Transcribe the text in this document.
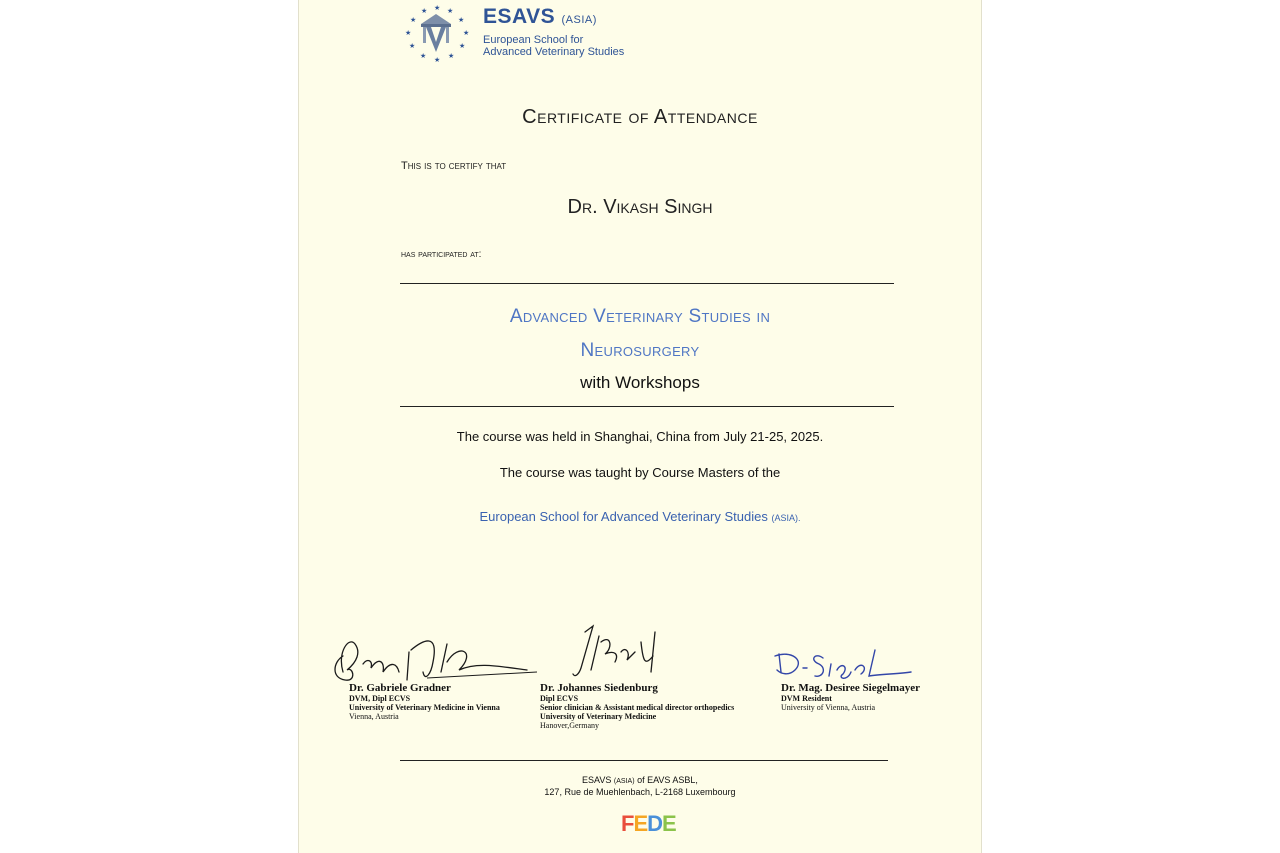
★
★	★
★	★
★	★
★	★
★	★
★
ESAVS (ASIA)
European School for
Advanced Veterinary Studies
Certificate of Attendance
This is to certify that
Dr. Vikash Singh
has participated at:
Advanced Veterinary Studies in
Neurosurgery
with Workshops
The course was held in Shanghai, China from July 21-25, 2025.
The course was taught by Course Masters of the
European School for Advanced Veterinary Studies (ASIA).
Dr. Gabriele Gradner
DVM, Dipl ECVS
University of Veterinary Medicine in Vienna
Vienna, Austria
Dr. Johannes Siedenburg
Dipl ECVS
Senior clinician & Assistant medical director orthopedics
University of Veterinary Medicine
Hanover,Germany
Dr. Mag. Desiree Siegelmayer
DVM Resident
University of Vienna, Austria
ESAVS (ASIA) of EAVS ASBL,
127, Rue de Muehlenbach, L-2168 Luxembourg
FEDE
